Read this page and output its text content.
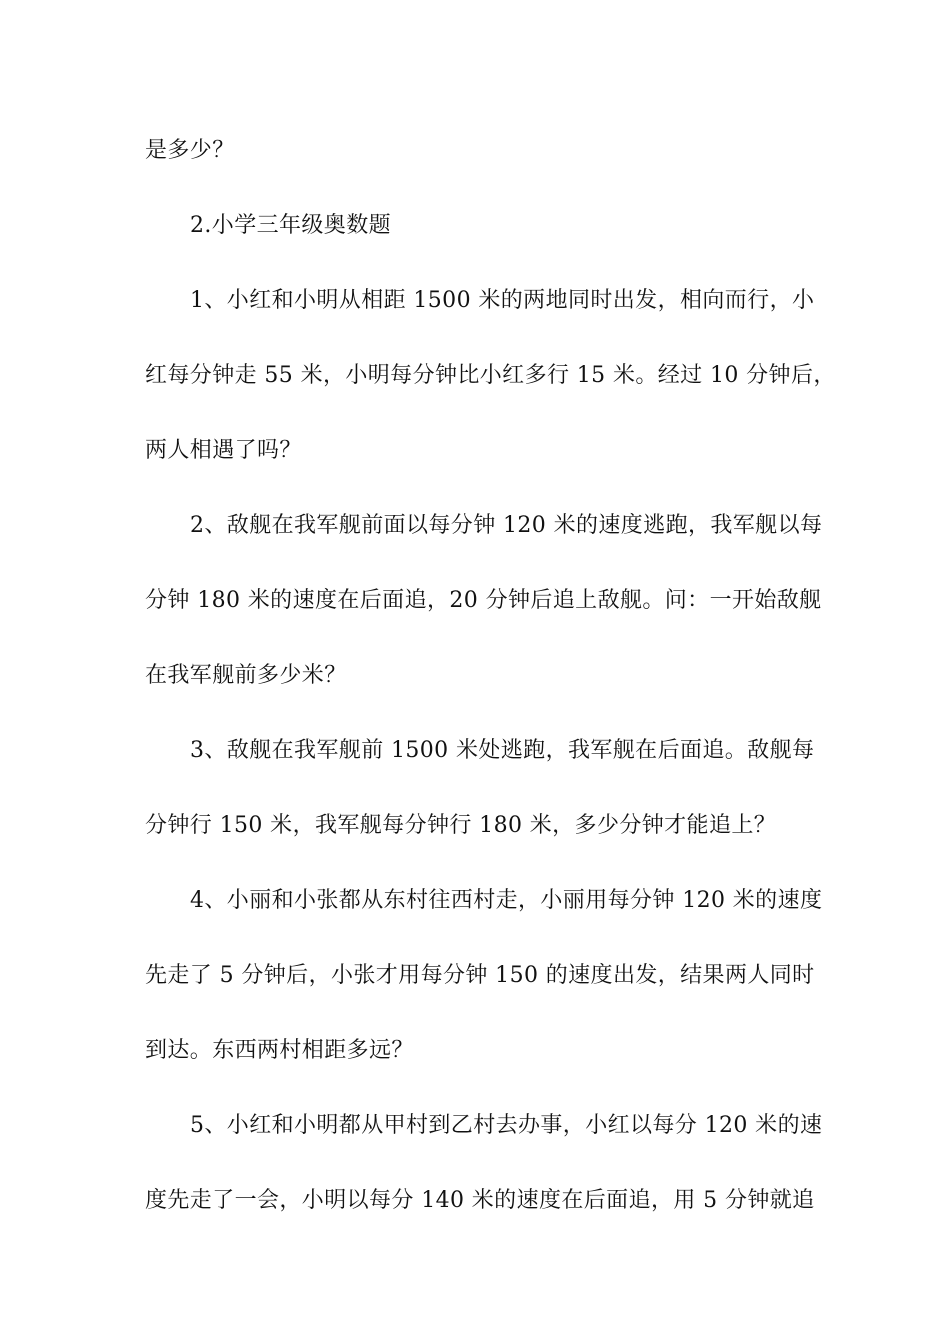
是多少？
2.小学三年级奥数题
1、小红和小明从相距 1500 米的两地同时出发，相向而行，小
红每分钟走 55 米，小明每分钟比小红多行 15 米。经过 10 分钟后，
两人相遇了吗？
2、敌舰在我军舰前面以每分钟 120 米的速度逃跑，我军舰以每
分钟 180 米的速度在后面追，20 分钟后追上敌舰。问：一开始敌舰
在我军舰前多少米？
3、敌舰在我军舰前 1500 米处逃跑，我军舰在后面追。敌舰每
分钟行 150 米，我军舰每分钟行 180 米，多少分钟才能追上？
4、小丽和小张都从东村往西村走，小丽用每分钟 120 米的速度
先走了 5 分钟后，小张才用每分钟 150 的速度出发，结果两人同时
到达。东西两村相距多远？
5、小红和小明都从甲村到乙村去办事，小红以每分 120 米的速
度先走了一会，小明以每分 140 米的速度在后面追，用 5 分钟就追
